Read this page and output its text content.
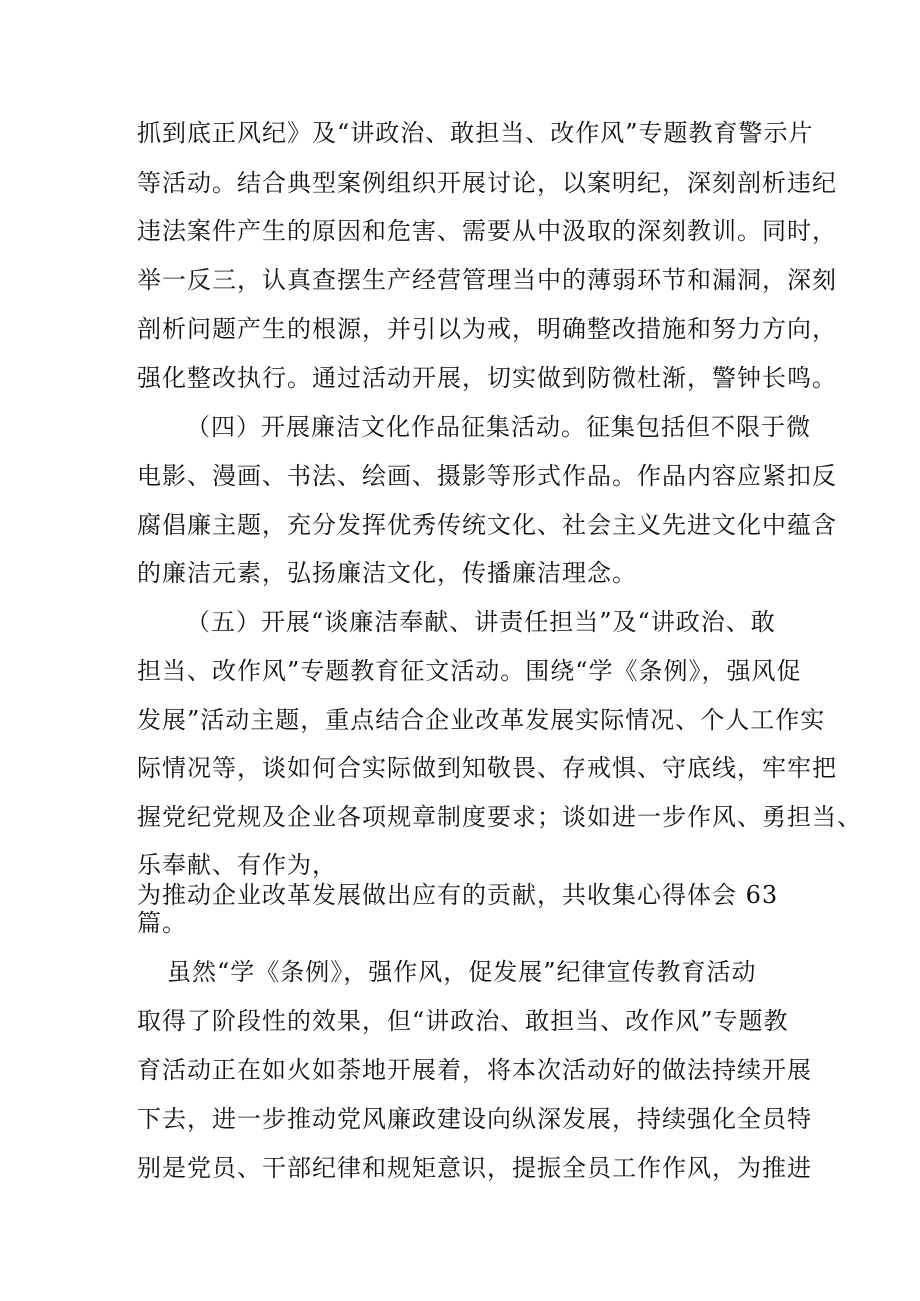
抓到底正风纪》及“讲政治、敢担当、改作风”专题教育警示片

等活动。结合典型案例组织开展讨论，以案明纪，深刻剖析违纪

违法案件产生的原因和危害、需要从中汲取的深刻教训。同时，

举一反三，认真查摆生产经营管理当中的薄弱环节和漏洞，深刻

剖析问题产生的根源，并引以为戒，明确整改措施和努力方向，

强化整改执行。通过活动开展，切实做到防微杜渐，警钟长鸣。

（四）开展廉洁文化作品征集活动。征集包括但不限于微

电影、漫画、书法、绘画、摄影等形式作品。作品内容应紧扣反

腐倡廉主题，充分发挥优秀传统文化、社会主义先进文化中蕴含

的廉洁元素，弘扬廉洁文化，传播廉洁理念。

（五）开展“谈廉洁奉献、讲责任担当”及“讲政治、敢

担当、改作风”专题教育征文活动。围绕“学《条例》，强风促

发展”活动主题，重点结合企业改革发展实际情况、个人工作实

际情况等，谈如何合实际做到知敬畏、存戒惧、守底线，牢牢把

握党纪党规及企业各项规章制度要求；谈如进一步作风、勇担当、

乐奉献、有作为，

为推动企业改革发展做出应有的贡献，共收集心得体会 63

篇。

虽然“学《条例》，强作风，促发展”纪律宣传教育活动

取得了阶段性的效果，但“讲政治、敢担当、改作风”专题教

育活动正在如火如荼地开展着，将本次活动好的做法持续开展

下去，进一步推动党风廉政建设向纵深发展，持续强化全员特

别是党员、干部纪律和规矩意识，提振全员工作作风，为推进
